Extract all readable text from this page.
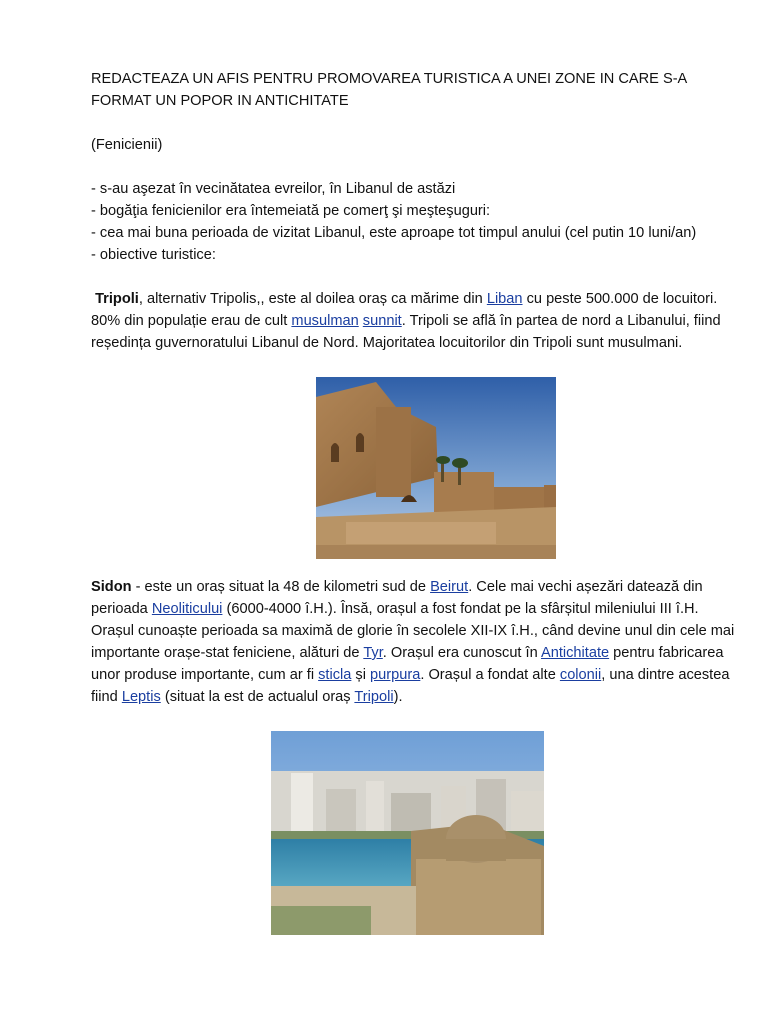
REDACTEAZA UN AFIS PENTRU PROMOVAREA TURISTICA A UNEI ZONE IN CARE S-A
FORMAT UN POPOR IN ANTICHITATE

(Fenicienii)

- s-au aşezat în vecinătatea evreilor, în Libanul de astăzi
- bogăţia fenicienilor era întemeiată pe comerţ şi meşteşuguri:
- cea mai buna perioada de vizitat Libanul, este aproape tot timpul anului (cel putin 10 luni/an)
- obiective turistice:

Tripoli, alternativ Tripolis,, este al doilea oraș ca mărime din Liban cu peste 500.000 de locuitori. 80% din populație erau de cult musulman sunnit. Tripoli se află în partea de nord a Libanului, fiind reședința guvernoratului Libanul de Nord. Majoritatea locuitorilor din Tripoli sunt musulmani.

Sidon - este un oraș situat la 48 de kilometri sud de Beirut. Cele mai vechi așezări datează din perioada Neoliticului (6000-4000 î.H.). Însă, orașul a fost fondat pe la sfârșitul mileniului III î.H. Orașul cunoaște perioada sa maximă de glorie în secolele XII-IX î.H., când devine unul din cele mai importante orașe-stat feniciene, alături de Tyr. Orașul era cunoscut în Antichitate pentru fabricarea unor produse importante, cum ar fi sticla și purpura. Orașul a fondat alte colonii, una dintre acestea fiind Leptis (situat la est de actualul oraș Tripoli).
